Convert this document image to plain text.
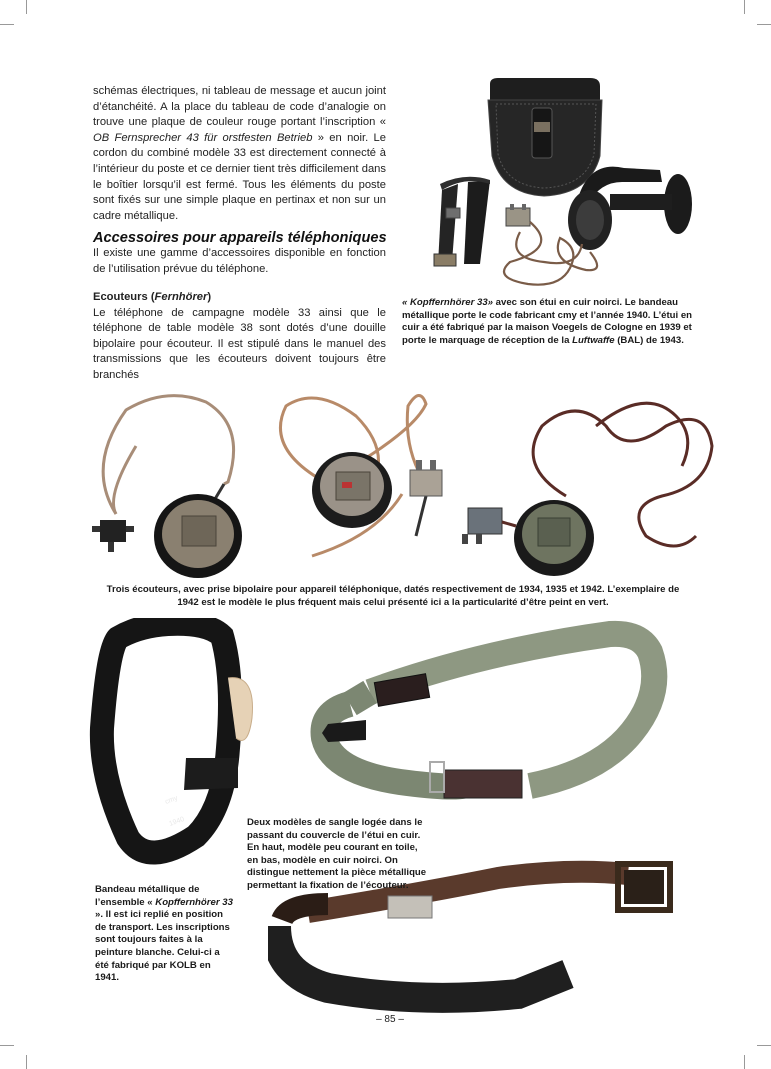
schémas électriques, ni tableau de message et aucun joint d’étanchéité. A la place du tableau de code d’analogie on trouve une plaque de couleur rouge portant l’inscription « OB Fernsprecher 43 für orstfesten Betrieb » en noir. Le cordon du combiné modèle 33 est directement connecté à l’intérieur du poste et ce dernier tient très difficilement dans le boîtier lorsqu’il est fermé. Tous les éléments du poste sont fixés sur une simple plaque en pertinax et non sur un cadre métallique.

Accessoires pour appareils téléphoniques

Il existe une gamme d’accessoires disponible en fonction de l’utilisation prévue du téléphone.

Ecouteurs (Fernhörer)

Le téléphone de campagne modèle 33 ainsi que le téléphone de table modèle 38 sont dotés d’une douille bipolaire pour écouteur. Il est stipulé dans le manuel des transmissions que les écouteurs doivent toujours être branchés

« Kopffernhörer 33» avec son étui en cuir noirci. Le bandeau métallique porte le code fabricant cmy et l’année 1940. L’étui en cuir a été fabriqué par la maison Voegels de Cologne en 1939 et porte le marquage de réception de la Luftwaffe (BAL) de 1943.

Trois écouteurs, avec prise bipolaire pour appareil téléphonique, datés respectivement de 1934, 1935 et 1942. L’exemplaire de 1942 est le modèle le plus fréquent mais celui présenté ici a la particularité d’être peint en vert.

cmy
1940	Deux modèles de sangle logée dans le passant du couvercle de l’étui en cuir. En haut, modèle peu courant en toile, en bas, modèle en cuir noirci. On distingue nettement la pièce métallique permettant la fixation de l’écouteur.

Bandeau métallique de l’ensemble « Kopffernhörer 33 ». Il est ici replié en position de transport. Les inscriptions sont toujours faites à la peinture blanche. Celui-ci a été fabriqué par KOLB en 1941.

– 85 –
